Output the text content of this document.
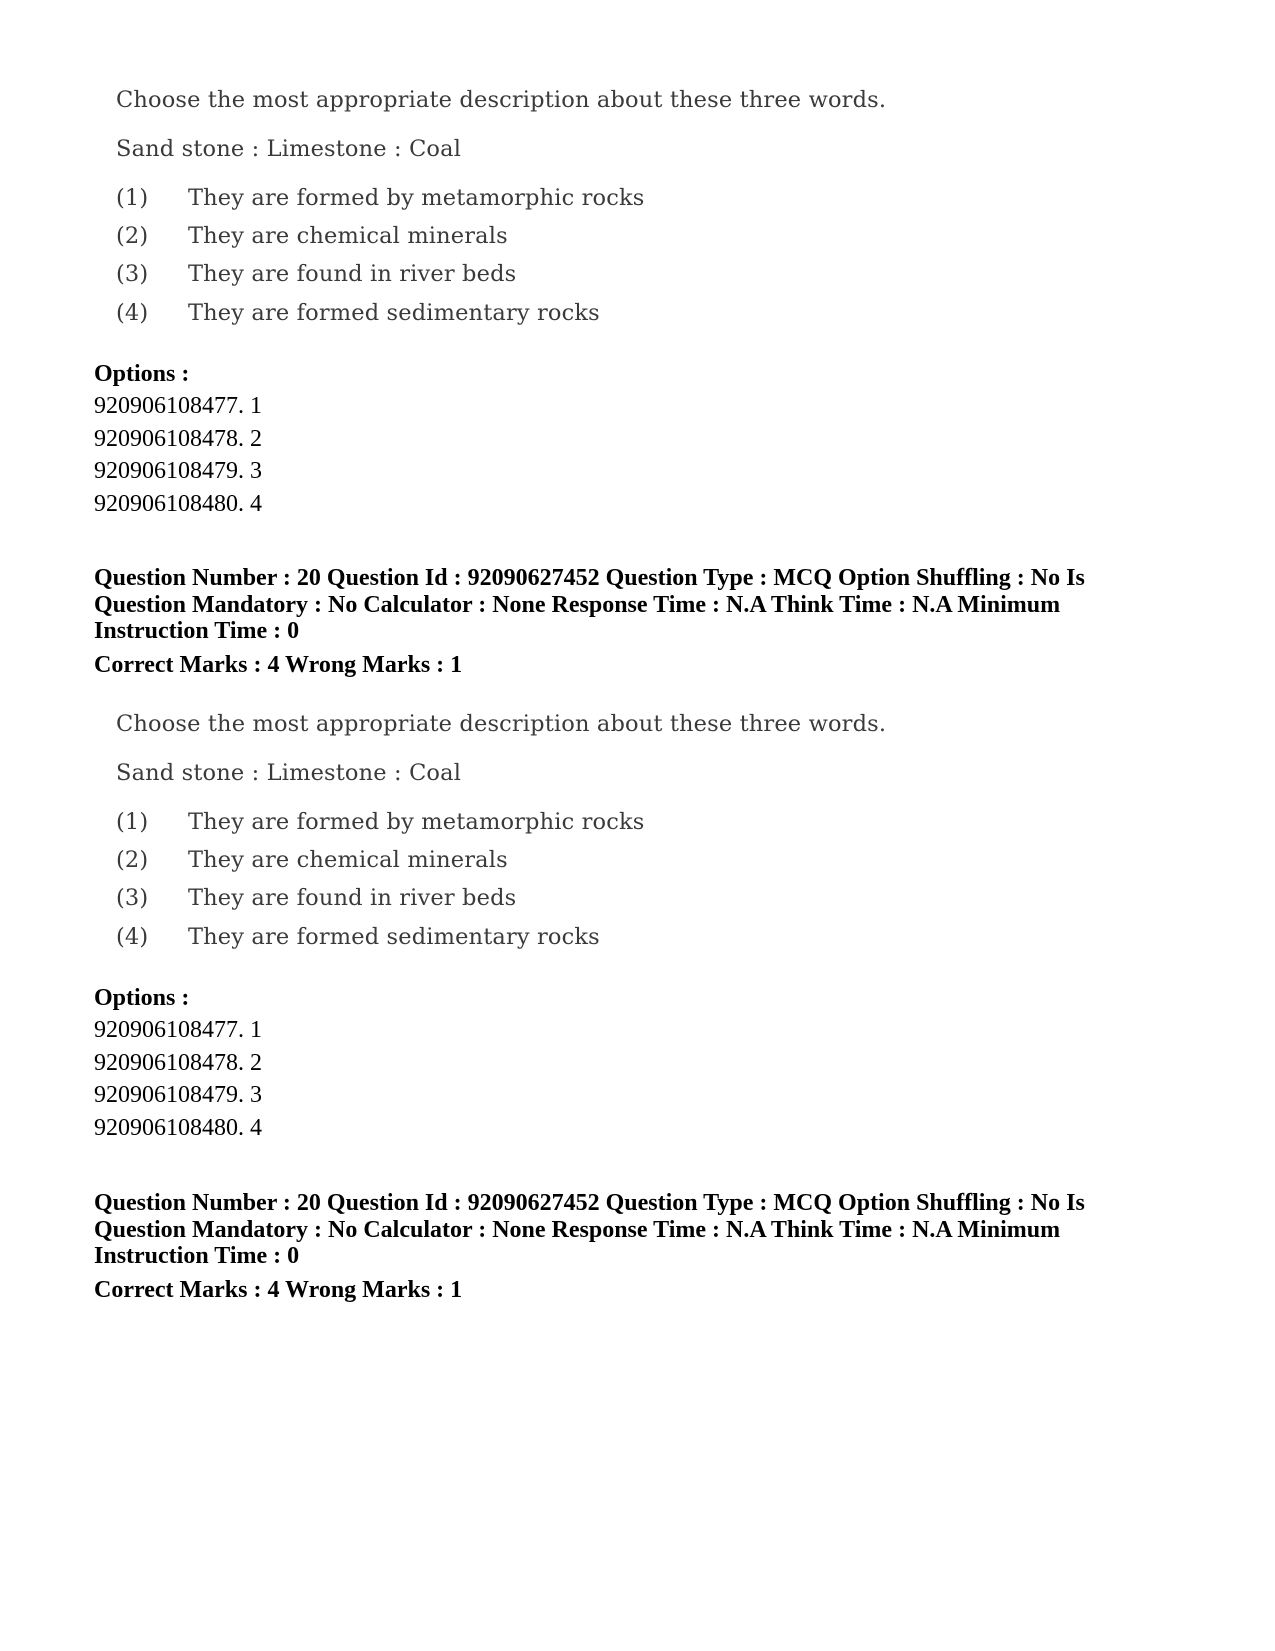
Choose the most appropriate description about these three words.
Sand stone : Limestone : Coal
(1) They are formed by metamorphic rocks
(2) They are chemical minerals
(3) They are found in river beds
(4) They are formed sedimentary rocks
Options :
920906108477. 1
920906108478. 2
920906108479. 3
920906108480. 4
Question Number : 20 Question Id : 92090627452 Question Type : MCQ Option Shuffling : No Is
Question Mandatory : No Calculator : None Response Time : N.A Think Time : N.A Minimum
Instruction Time : 0
Correct Marks : 4 Wrong Marks : 1
Choose the most appropriate description about these three words.
Sand stone : Limestone : Coal
(1) They are formed by metamorphic rocks
(2) They are chemical minerals
(3) They are found in river beds
(4) They are formed sedimentary rocks
Options :
920906108477. 1
920906108478. 2
920906108479. 3
920906108480. 4
Question Number : 20 Question Id : 92090627452 Question Type : MCQ Option Shuffling : No Is
Question Mandatory : No Calculator : None Response Time : N.A Think Time : N.A Minimum
Instruction Time : 0
Correct Marks : 4 Wrong Marks : 1
